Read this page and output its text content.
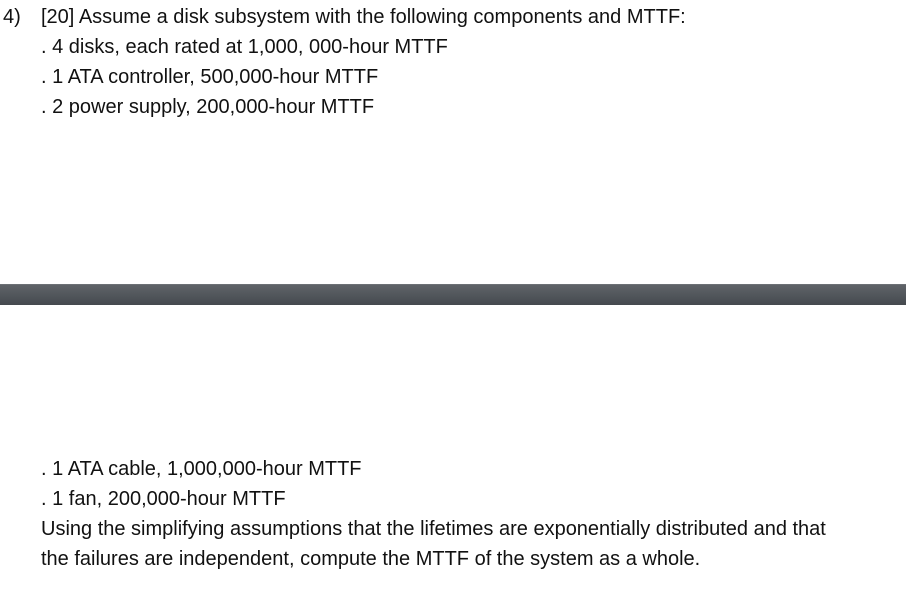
4) [20] Assume a disk subsystem with the following components and MTTF:
. 4 disks, each rated at 1,000, 000-hour MTTF
. 1 ATA controller, 500,000-hour MTTF
. 2 power supply, 200,000-hour MTTF
. 1 ATA cable, 1,000,000-hour MTTF
. 1 fan, 200,000-hour MTTF
Using the simplifying assumptions that the lifetimes are exponentially distributed and that
the failures are independent, compute the MTTF of the system as a whole.
